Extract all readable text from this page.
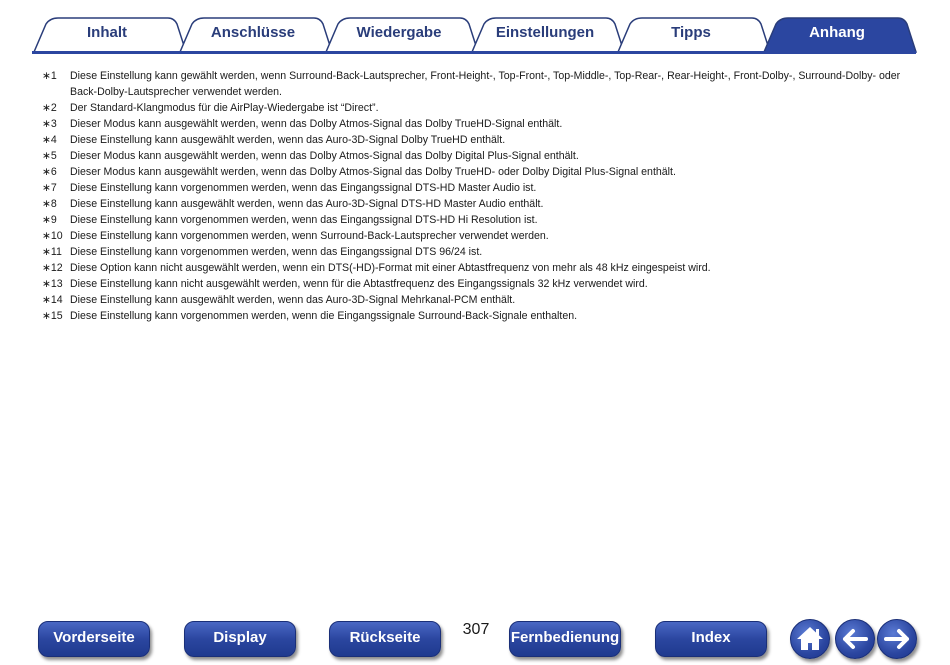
Inhalt	Anschlüsse	Wiedergabe	Einstellungen	Tipps	Anhang
∗1	Diese Einstellung kann gewählt werden, wenn Surround-Back-Lautsprecher, Front-Height-, Top-Front-, Top-Middle-, Top-Rear-, Rear-Height-, Front-Dolby-, Surround-Dolby- oder Back-Dolby-Lautsprecher verwendet werden.
∗2	Der Standard-Klangmodus für die AirPlay-Wiedergabe ist “Direct”.
∗3	Dieser Modus kann ausgewählt werden, wenn das Dolby Atmos-Signal das Dolby TrueHD-Signal enthält.
∗4	Diese Einstellung kann ausgewählt werden, wenn das Auro-3D-Signal Dolby TrueHD enthält.
∗5	Dieser Modus kann ausgewählt werden, wenn das Dolby Atmos-Signal das Dolby Digital Plus-Signal enthält.
∗6	Dieser Modus kann ausgewählt werden, wenn das Dolby Atmos-Signal das Dolby TrueHD- oder Dolby Digital Plus-Signal enthält.
∗7	Diese Einstellung kann vorgenommen werden, wenn das Eingangssignal DTS-HD Master Audio ist.
∗8	Diese Einstellung kann ausgewählt werden, wenn das Auro-3D-Signal DTS-HD Master Audio enthält.
∗9	Diese Einstellung kann vorgenommen werden, wenn das Eingangssignal DTS-HD Hi Resolution ist.
∗10 Diese Einstellung kann vorgenommen werden, wenn Surround-Back-Lautsprecher verwendet werden.
∗11 Diese Einstellung kann vorgenommen werden, wenn das Eingangssignal DTS 96/24 ist.
∗12 Diese Option kann nicht ausgewählt werden, wenn ein DTS(-HD)-Format mit einer Abtastfrequenz von mehr als 48 kHz eingespeist wird.
∗13 Diese Einstellung kann nicht ausgewählt werden, wenn für die Abtastfrequenz des Eingangssignals 32 kHz verwendet wird.
∗14 Diese Einstellung kann ausgewählt werden, wenn das Auro-3D-Signal Mehrkanal-PCM enthält.
∗15 Diese Einstellung kann vorgenommen werden, wenn die Eingangssignale Surround-Back-Signale enthalten.
Vorderseite	Display	Rückseite	307	Fernbedienung	Index
